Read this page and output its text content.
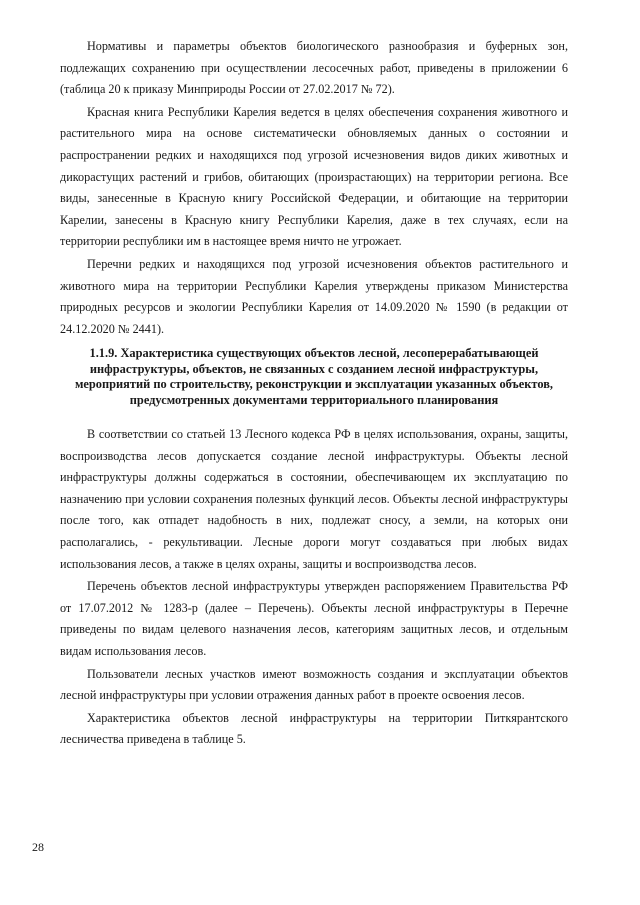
Нормативы и параметры объектов биологического разнообразия и буферных зон, подлежащих сохранению при осуществлении лесосечных работ, приведены в приложении 6 (таблица 20 к приказу Минприроды России от 27.02.2017 № 72).

Красная книга Республики Карелия ведется в целях обеспечения сохранения животного и растительного мира на основе систематически обновляемых данных о состоянии и распространении редких и находящихся под угрозой исчезновения видов диких животных и дикорастущих растений и грибов, обитающих (произрастающих) на территории региона. Все виды, занесенные в Красную книгу Российской Федерации, и обитающие на территории Карелии, занесены в Красную книгу Республики Карелия, даже в тех случаях, если на территории республики им в настоящее время ничто не угрожает.

Перечни редких и находящихся под угрозой исчезновения объектов растительного и животного мира на территории Республики Карелия утверждены приказом Министерства природных ресурсов и экологии Республики Карелия от 14.09.2020 № 1590 (в редакции от 24.12.2020 № 2441).

1.1.9. Характеристика существующих объектов лесной, лесоперерабатывающей инфраструктуры, объектов, не связанных с созданием лесной инфраструктуры, мероприятий по строительству, реконструкции и эксплуатации указанных объектов, предусмотренных документами территориального планирования

В соответствии со статьей 13 Лесного кодекса РФ в целях использования, охраны, защиты, воспроизводства лесов допускается создание лесной инфраструктуры. Объекты лесной инфраструктуры должны содержаться в состоянии, обеспечивающем их эксплуатацию по назначению при условии сохранения полезных функций лесов. Объекты лесной инфраструктуры после того, как отпадет надобность в них, подлежат сносу, а земли, на которых они располагались, - рекультивации. Лесные дороги могут создаваться при любых видах использования лесов, а также в целях охраны, защиты и воспроизводства лесов.

Перечень объектов лесной инфраструктуры утвержден распоряжением Правительства РФ от 17.07.2012 № 1283-р (далее – Перечень). Объекты лесной инфраструктуры в Перечне приведены по видам целевого назначения лесов, категориям защитных лесов, и отдельным видам использования лесов.

Пользователи лесных участков имеют возможность создания и эксплуатации объектов лесной инфраструктуры при условии отражения данных работ в проекте освоения лесов.

Характеристика объектов лесной инфраструктуры на территории Питкярантского лесничества приведена в таблице 5.

28
